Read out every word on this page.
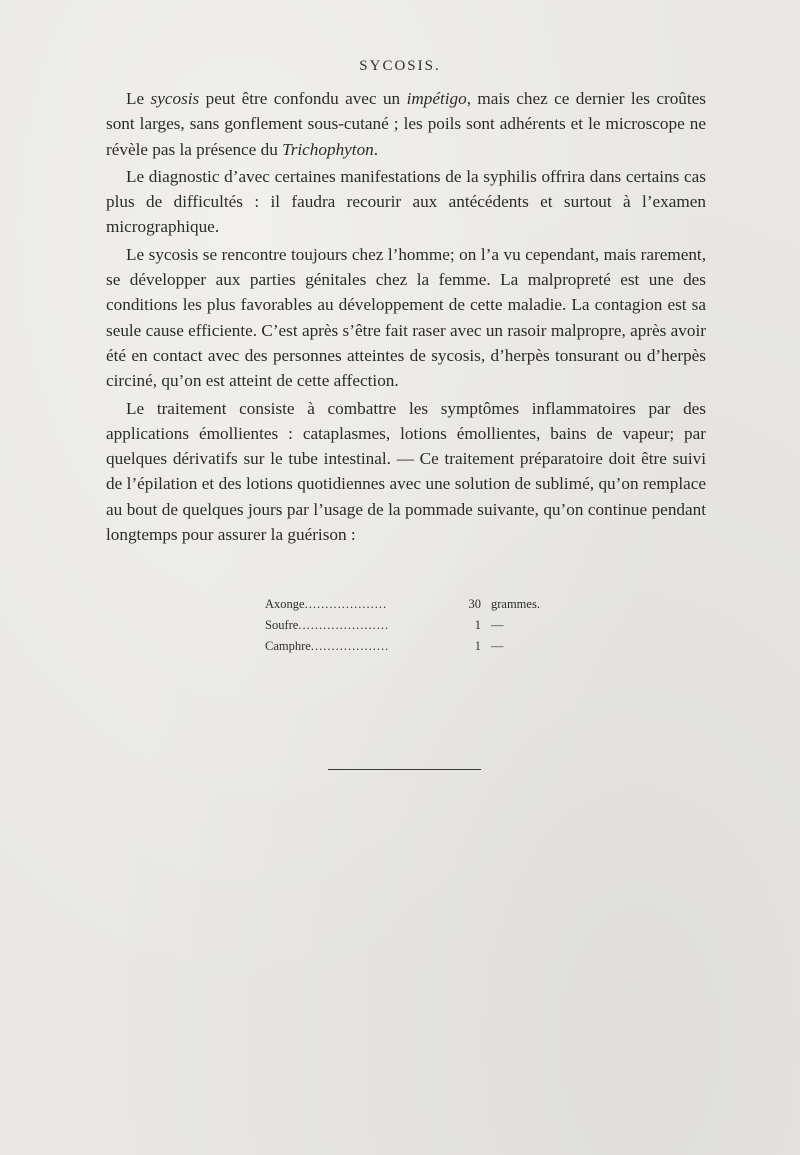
SYCOSIS.

Le sycosis peut être confondu avec un impétigo, mais chez ce dernier les croûtes sont larges, sans gonflement sous-cutané ; les poils sont adhérents et le microscope ne révèle pas la présence du Trichophyton.

Le diagnostic d’avec certaines manifestations de la syphilis offrira dans certains cas plus de difficultés : il faudra recourir aux antécédents et surtout à l’examen micrographique.

Le sycosis se rencontre toujours chez l’homme; on l’a vu cependant, mais rarement, se développer aux parties génitales chez la femme. La malpropreté est une des conditions les plus favorables au développement de cette maladie. La contagion est sa seule cause efficiente. C’est après s’être fait raser avec un rasoir malpropre, après avoir été en contact avec des personnes atteintes de sycosis, d’herpès tonsurant ou d’herpès circiné, qu’on est atteint de cette affection.

Le traitement consiste à combattre les symptômes inflammatoires par des applications émollientes : cataplasmes, lotions émollientes, bains de vapeur; par quelques dérivatifs sur le tube intestinal. — Ce traitement préparatoire doit être suivi de l’épilation et des lotions quotidiennes avec une solution de sublimé, qu’on remplace au bout de quelques jours par l’usage de la pommade suivante, qu’on continue pendant longtemps pour assurer la guérison :

Axonge....................	30 grammes.
Soufre......................	1 —
Camphre...................	1 —
